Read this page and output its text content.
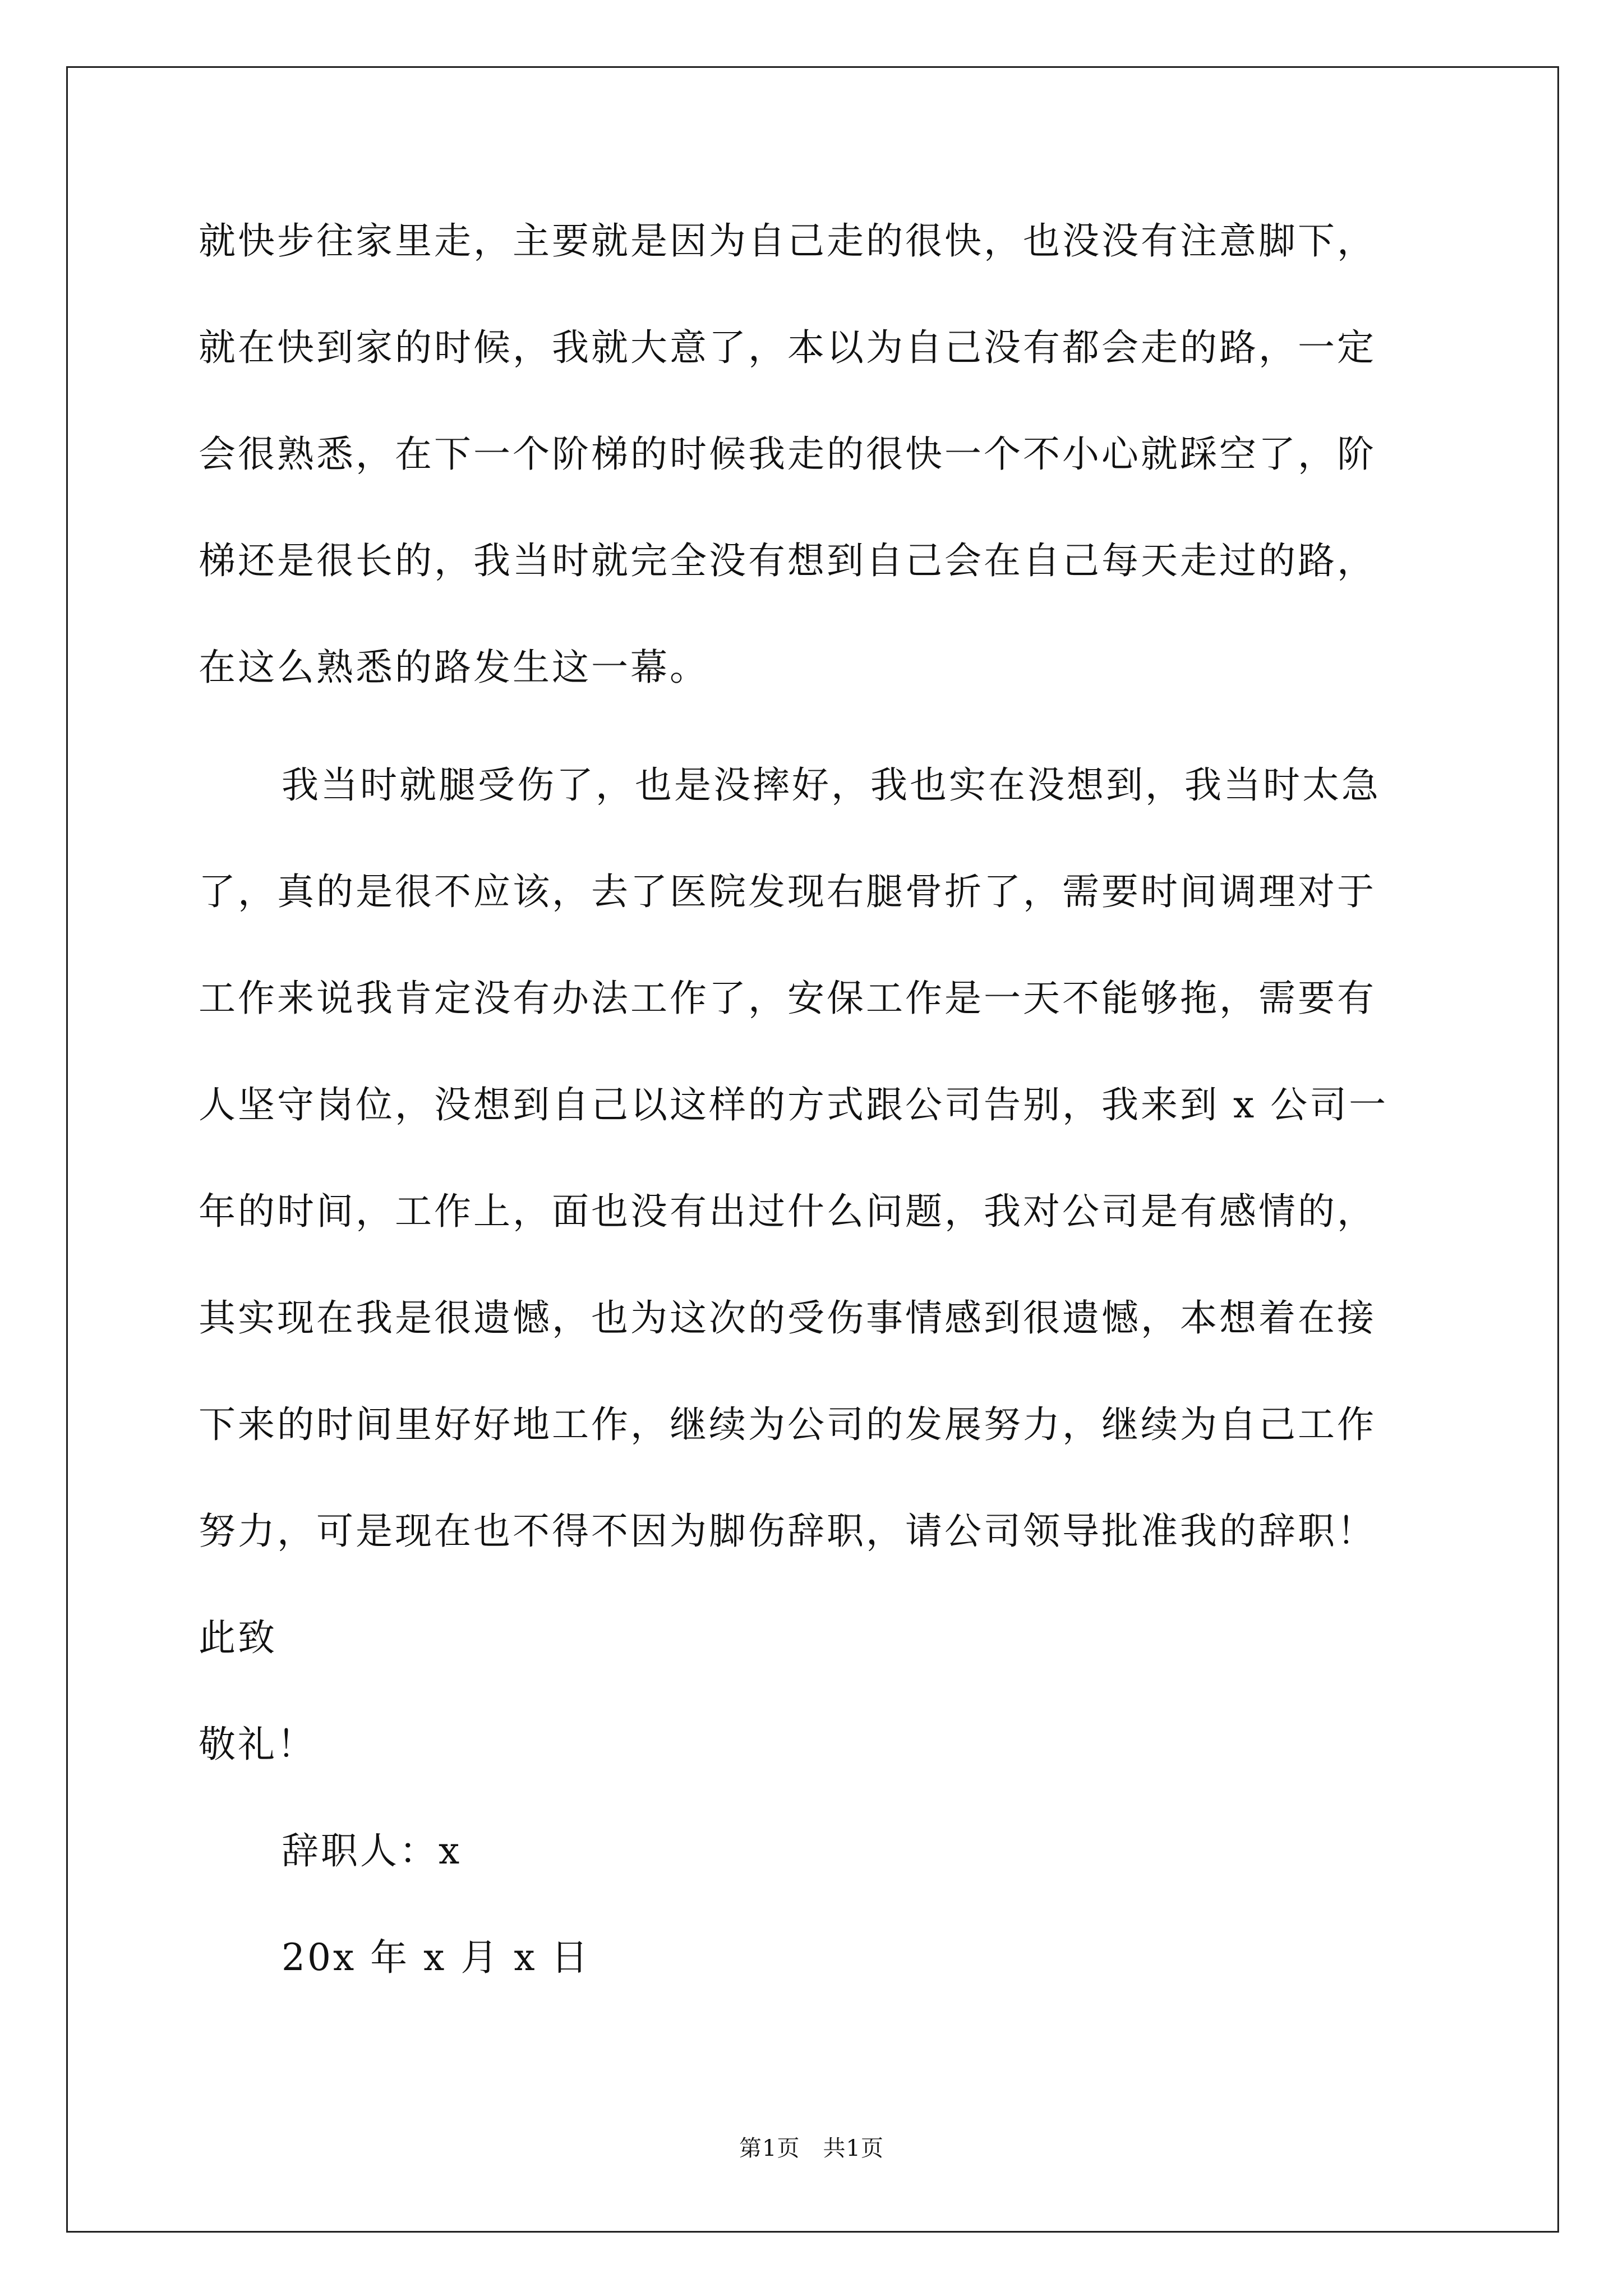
就快步往家里走，主要就是因为自己走的很快，也没没有注意脚下，
就在快到家的时候，我就大意了，本以为自己没有都会走的路，一定
会很熟悉，在下一个阶梯的时候我走的很快一个不小心就踩空了，阶
梯还是很长的，我当时就完全没有想到自己会在自己每天走过的路，
在这么熟悉的路发生这一幕。
我当时就腿受伤了，也是没摔好，我也实在没想到，我当时太急
了，真的是很不应该，去了医院发现右腿骨折了，需要时间调理对于
工作来说我肯定没有办法工作了，安保工作是一天不能够拖，需要有
人坚守岗位，没想到自己以这样的方式跟公司告别，我来到 x 公司一
年的时间，工作上，面也没有出过什么问题，我对公司是有感情的，
其实现在我是很遗憾，也为这次的受伤事情感到很遗憾，本想着在接
下来的时间里好好地工作，继续为公司的发展努力，继续为自己工作
努力，可是现在也不得不因为脚伤辞职，请公司领导批准我的辞职！
此致
敬礼！
辞职人：x
20x 年 x 月 x 日
第1页　共1页
